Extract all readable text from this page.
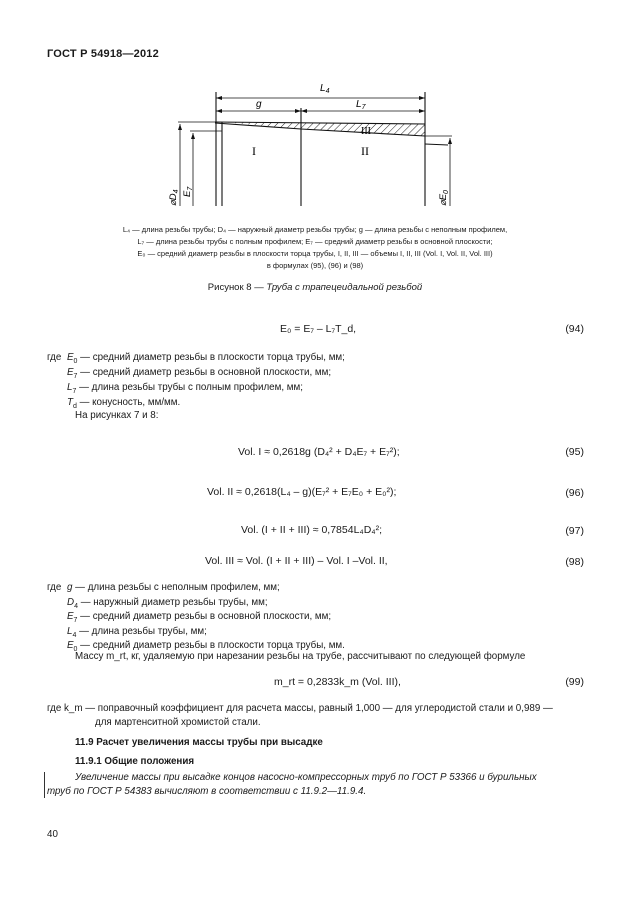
ГОСТ Р 54918—2012
$L_4$
g	$L_7$
III
I	II
$⌀D_4$ $E_7$
$⌀E_0$
L₄ — длина резьбы трубы; D₄ — наружный диаметр резьбы трубы; g — длина резьбы с неполным профилем,
L₇ — длина резьбы трубы с полным профилем; E₇ — средний диаметр резьбы в основной плоскости;
E₀ — средний диаметр резьбы в плоскости торца трубы, I, II, III — объемы I, II, III (Vol. I, Vol. II, Vol. III)
в формулах (95), (96) и (98)
Рисунок 8 — Труба с трапецеидальной резьбой
E₀ = E₇ – L₇T_d,	(94)
где $E_0$ — средний диаметр резьбы в плоскости торца трубы, мм;
$E_7$ — средний диаметр резьбы в основной плоскости, мм;
$L_7$ — длина резьбы трубы с полным профилем, мм;
$T_d$ — конусность, мм/мм.
На рисунках 7 и 8:
Vol. I ≈ 0,2618g (D₄² + D₄E₇ + E₇²);	(95)
Vol. II ≈ 0,2618(L₄ – g)(E₇² + E₇E₀ + E₀²);	(96)
Vol. (I + II + III) ≈ 0,7854L₄D₄²;	(97)
Vol. III ≈ Vol. (I + II + III) – Vol. I –Vol. II,	(98)
где g — длина резьбы с неполным профилем, мм;
$D_4$ — наружный диаметр резьбы трубы, мм;
$E_7$ — средний диаметр резьбы в основной плоскости, мм;
$L_4$ — длина резьбы трубы, мм;
$E_0$ — средний диаметр резьбы в плоскости торца трубы, мм.
Массу m_rt, кг, удаляемую при нарезании резьбы на трубе, рассчитывают по следующей формуле
m_rt = 0,2833k_m (Vol. III),	(99)
где k_m — поправочный коэффициент для расчета массы, равный 1,000 — для углеродистой стали и 0,989 —
для мартенситной хромистой стали.
11.9 Расчет увеличения массы трубы при высадке
11.9.1 Общие положения
Увеличение массы при высадке концов насосно-компрессорных труб по ГОСТ Р 53366 и бурильных
труб по ГОСТ Р 54383 вычисляют в соответствии с 11.9.2—11.9.4.
40
